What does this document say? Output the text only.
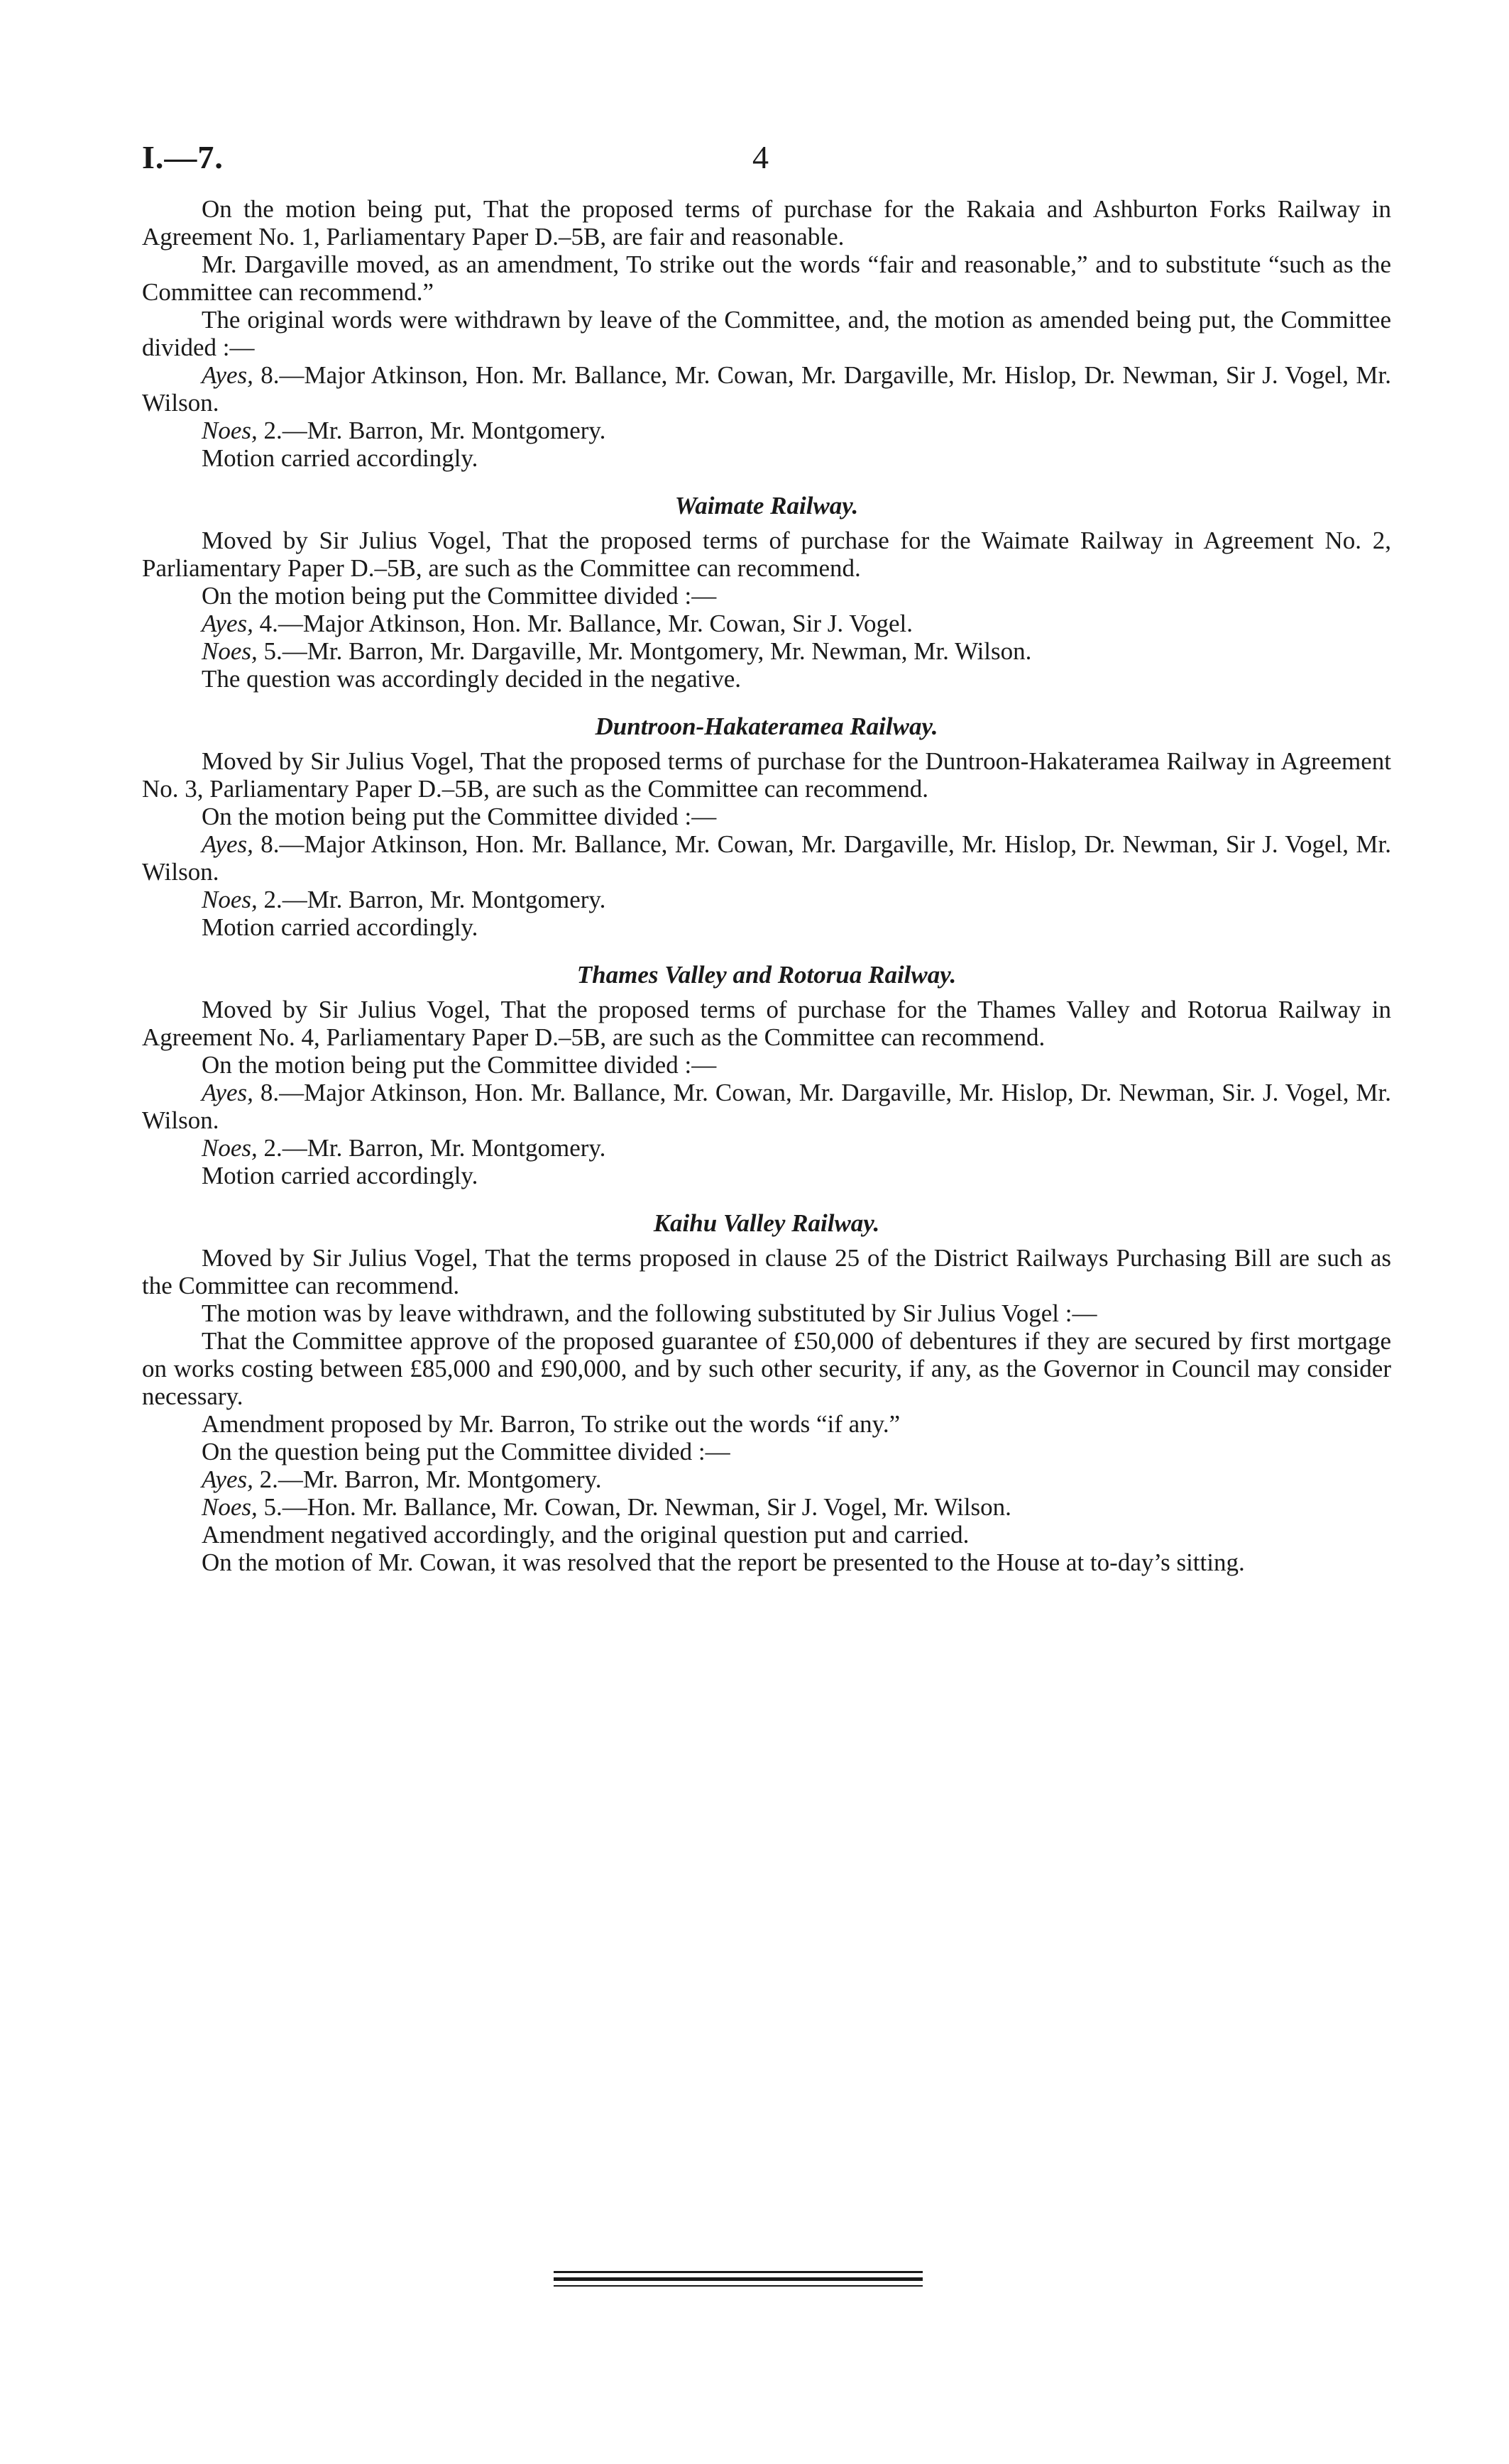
I.—7.	4

On the motion being put, That the proposed terms of purchase for the Rakaia and Ashburton Forks Railway in Agreement No. 1, Parliamentary Paper D.–5B, are fair and reasonable.

Mr. Dargaville moved, as an amendment, To strike out the words “fair and reasonable,” and to substitute “such as the Committee can recommend.”

The original words were withdrawn by leave of the Committee, and, the motion as amended being put, the Committee divided :—

Ayes, 8.—Major Atkinson, Hon. Mr. Ballance, Mr. Cowan, Mr. Dargaville, Mr. Hislop, Dr. Newman, Sir J. Vogel, Mr. Wilson.

Noes, 2.—Mr. Barron, Mr. Montgomery.

Motion carried accordingly.

Waimate Railway.

Moved by Sir Julius Vogel, That the proposed terms of purchase for the Waimate Railway in Agreement No. 2, Parliamentary Paper D.–5B, are such as the Committee can recommend.

On the motion being put the Committee divided :—

Ayes, 4.—Major Atkinson, Hon. Mr. Ballance, Mr. Cowan, Sir J. Vogel.

Noes, 5.—Mr. Barron, Mr. Dargaville, Mr. Montgomery, Mr. Newman, Mr. Wilson.

The question was accordingly decided in the negative.

Duntroon-Hakateramea Railway.

Moved by Sir Julius Vogel, That the proposed terms of purchase for the Duntroon-Hakateramea Railway in Agreement No. 3, Parliamentary Paper D.–5B, are such as the Committee can recommend.

On the motion being put the Committee divided :—

Ayes, 8.—Major Atkinson, Hon. Mr. Ballance, Mr. Cowan, Mr. Dargaville, Mr. Hislop, Dr. Newman, Sir J. Vogel, Mr. Wilson.

Noes, 2.—Mr. Barron, Mr. Montgomery.

Motion carried accordingly.

Thames Valley and Rotorua Railway.

Moved by Sir Julius Vogel, That the proposed terms of purchase for the Thames Valley and Rotorua Railway in Agreement No. 4, Parliamentary Paper D.–5B, are such as the Committee can recommend.

On the motion being put the Committee divided :—

Ayes, 8.—Major Atkinson, Hon. Mr. Ballance, Mr. Cowan, Mr. Dargaville, Mr. Hislop, Dr. Newman, Sir. J. Vogel, Mr. Wilson.

Noes, 2.—Mr. Barron, Mr. Montgomery.

Motion carried accordingly.

Kaihu Valley Railway.

Moved by Sir Julius Vogel, That the terms proposed in clause 25 of the District Railways Purchasing Bill are such as the Committee can recommend.

The motion was by leave withdrawn, and the following substituted by Sir Julius Vogel :—

That the Committee approve of the proposed guarantee of £50,000 of debentures if they are secured by first mortgage on works costing between £85,000 and £90,000, and by such other security, if any, as the Governor in Council may consider necessary.

Amendment proposed by Mr. Barron, To strike out the words “if any.”

On the question being put the Committee divided :—

Ayes, 2.—Mr. Barron, Mr. Montgomery.

Noes, 5.—Hon. Mr. Ballance, Mr. Cowan, Dr. Newman, Sir J. Vogel, Mr. Wilson.

Amendment negatived accordingly, and the original question put and carried.

On the motion of Mr. Cowan, it was resolved that the report be presented to the House at to-day’s sitting.
